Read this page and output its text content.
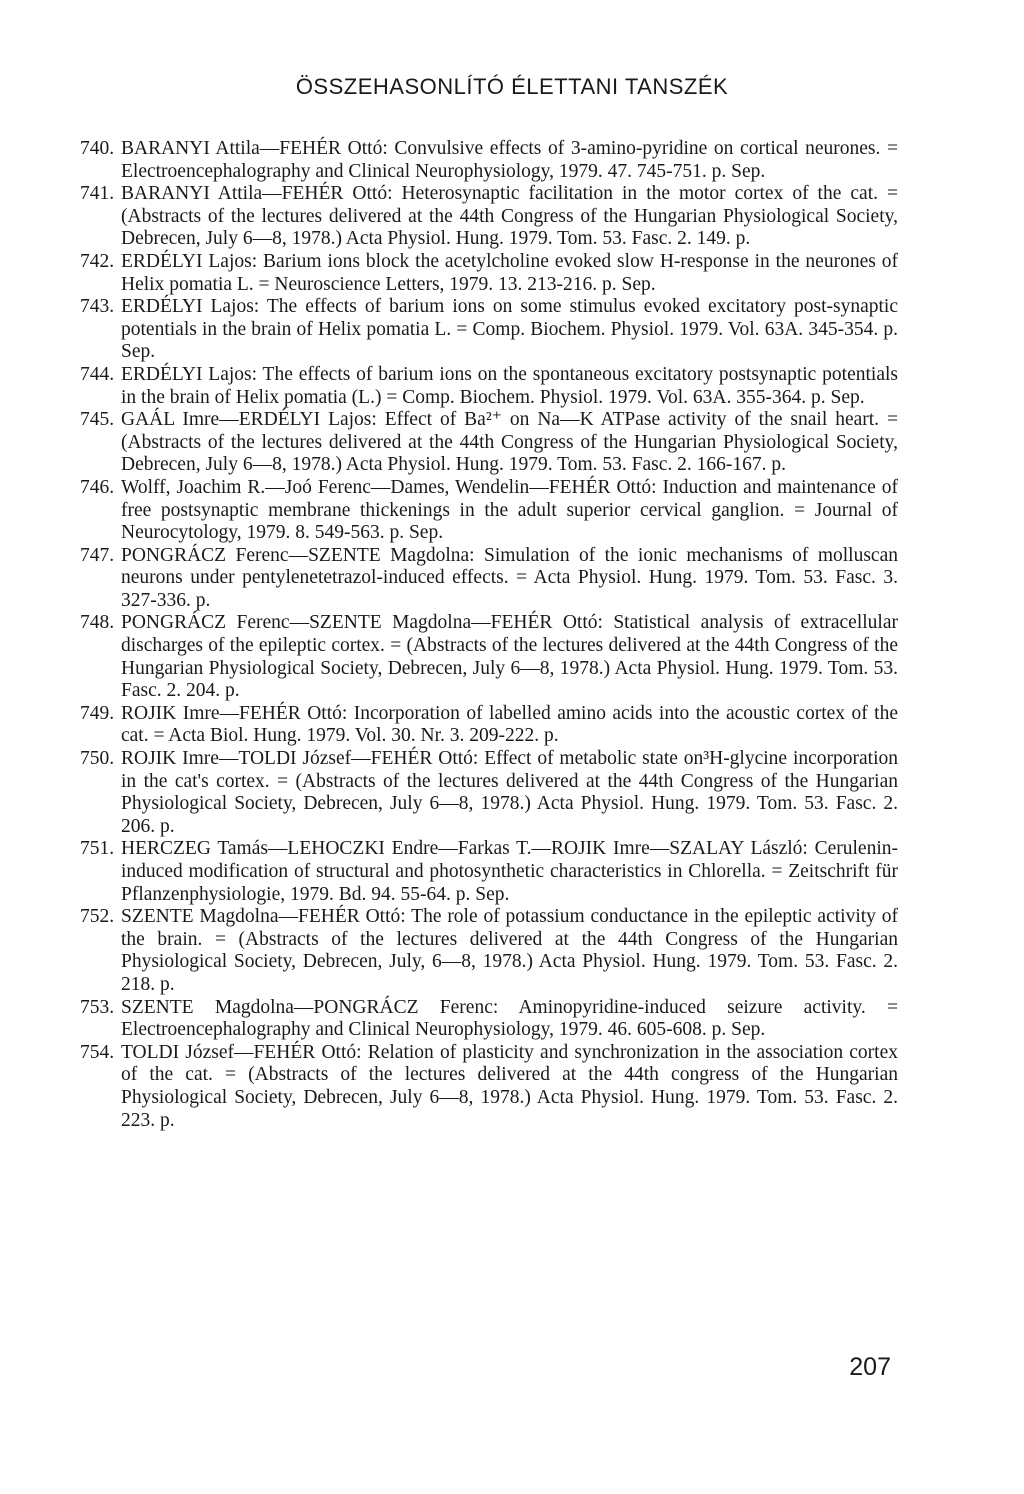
ÖSSZEHASONLÍTÓ ÉLETTANI TANSZÉK
740. BARANYI Attila—FEHÉR Ottó: Convulsive effects of 3-amino-pyridine on cortical neurones. = Electroencephalography and Clinical Neurophysiology, 1979. 47. 745-751. p. Sep.
741. BARANYI Attila—FEHÉR Ottó: Heterosynaptic facilitation in the motor cortex of the cat. = (Abstracts of the lectures delivered at the 44th Congress of the Hungarian Physiological Society, Debrecen, July 6—8, 1978.) Acta Physiol. Hung. 1979. Tom. 53. Fasc. 2. 149. p.
742. ERDÉLYI Lajos: Barium ions block the acetylcholine evoked slow H-response in the neurones of Helix pomatia L. = Neuroscience Letters, 1979. 13. 213-216. p. Sep.
743. ERDÉLYI Lajos: The effects of barium ions on some stimulus evoked excitatory post-synaptic potentials in the brain of Helix pomatia L. = Comp. Biochem. Physiol. 1979. Vol. 63A. 345-354. p. Sep.
744. ERDÉLYI Lajos: The effects of barium ions on the spontaneous excitatory postsynaptic potentials in the brain of Helix pomatia (L.) = Comp. Biochem. Physiol. 1979. Vol. 63A. 355-364. p. Sep.
745. GAÁL Imre—ERDÉLYI Lajos: Effect of Ba²⁺ on Na—K ATPase activity of the snail heart. = (Abstracts of the lectures delivered at the 44th Congress of the Hungarian Physiological Society, Debrecen, July 6—8, 1978.) Acta Physiol. Hung. 1979. Tom. 53. Fasc. 2. 166-167. p.
746. Wolff, Joachim R.—Joó Ferenc—Dames, Wendelin—FEHÉR Ottó: Induction and maintenance of free postsynaptic membrane thickenings in the adult superior cervical ganglion. = Journal of Neurocytology, 1979. 8. 549-563. p. Sep.
747. PONGRÁCZ Ferenc—SZENTE Magdolna: Simulation of the ionic mechanisms of molluscan neurons under pentylenetetrazol-induced effects. = Acta Physiol. Hung. 1979. Tom. 53. Fasc. 3. 327-336. p.
748. PONGRÁCZ Ferenc—SZENTE Magdolna—FEHÉR Ottó: Statistical analysis of extracellular discharges of the epileptic cortex. = (Abstracts of the lectures delivered at the 44th Congress of the Hungarian Physiological Society, Debrecen, July 6—8, 1978.) Acta Physiol. Hung. 1979. Tom. 53. Fasc. 2. 204. p.
749. ROJIK Imre—FEHÉR Ottó: Incorporation of labelled amino acids into the acoustic cortex of the cat. = Acta Biol. Hung. 1979. Vol. 30. Nr. 3. 209-222. p.
750. ROJIK Imre—TOLDI József—FEHÉR Ottó: Effect of metabolic state on³H-glycine incorporation in the cat's cortex. = (Abstracts of the lectures delivered at the 44th Congress of the Hungarian Physiological Society, Debrecen, July 6—8, 1978.) Acta Physiol. Hung. 1979. Tom. 53. Fasc. 2. 206. p.
751. HERCZEG Tamás—LEHOCZKI Endre—Farkas T.—ROJIK Imre—SZALAY László: Cerulenin-induced modification of structural and photosynthetic characteristics in Chlorella. = Zeitschrift für Pflanzenphysiologie, 1979. Bd. 94. 55-64. p. Sep.
752. SZENTE Magdolna—FEHÉR Ottó: The role of potassium conductance in the epileptic activity of the brain. = (Abstracts of the lectures delivered at the 44th Congress of the Hungarian Physiological Society, Debrecen, July, 6—8, 1978.) Acta Physiol. Hung. 1979. Tom. 53. Fasc. 2. 218. p.
753. SZENTE Magdolna—PONGRÁCZ Ferenc: Aminopyridine-induced seizure activity. = Electroencephalography and Clinical Neurophysiology, 1979. 46. 605-608. p. Sep.
754. TOLDI József—FEHÉR Ottó: Relation of plasticity and synchronization in the association cortex of the cat. = (Abstracts of the lectures delivered at the 44th congress of the Hungarian Physiological Society, Debrecen, July 6—8, 1978.) Acta Physiol. Hung. 1979. Tom. 53. Fasc. 2. 223. p.
207
